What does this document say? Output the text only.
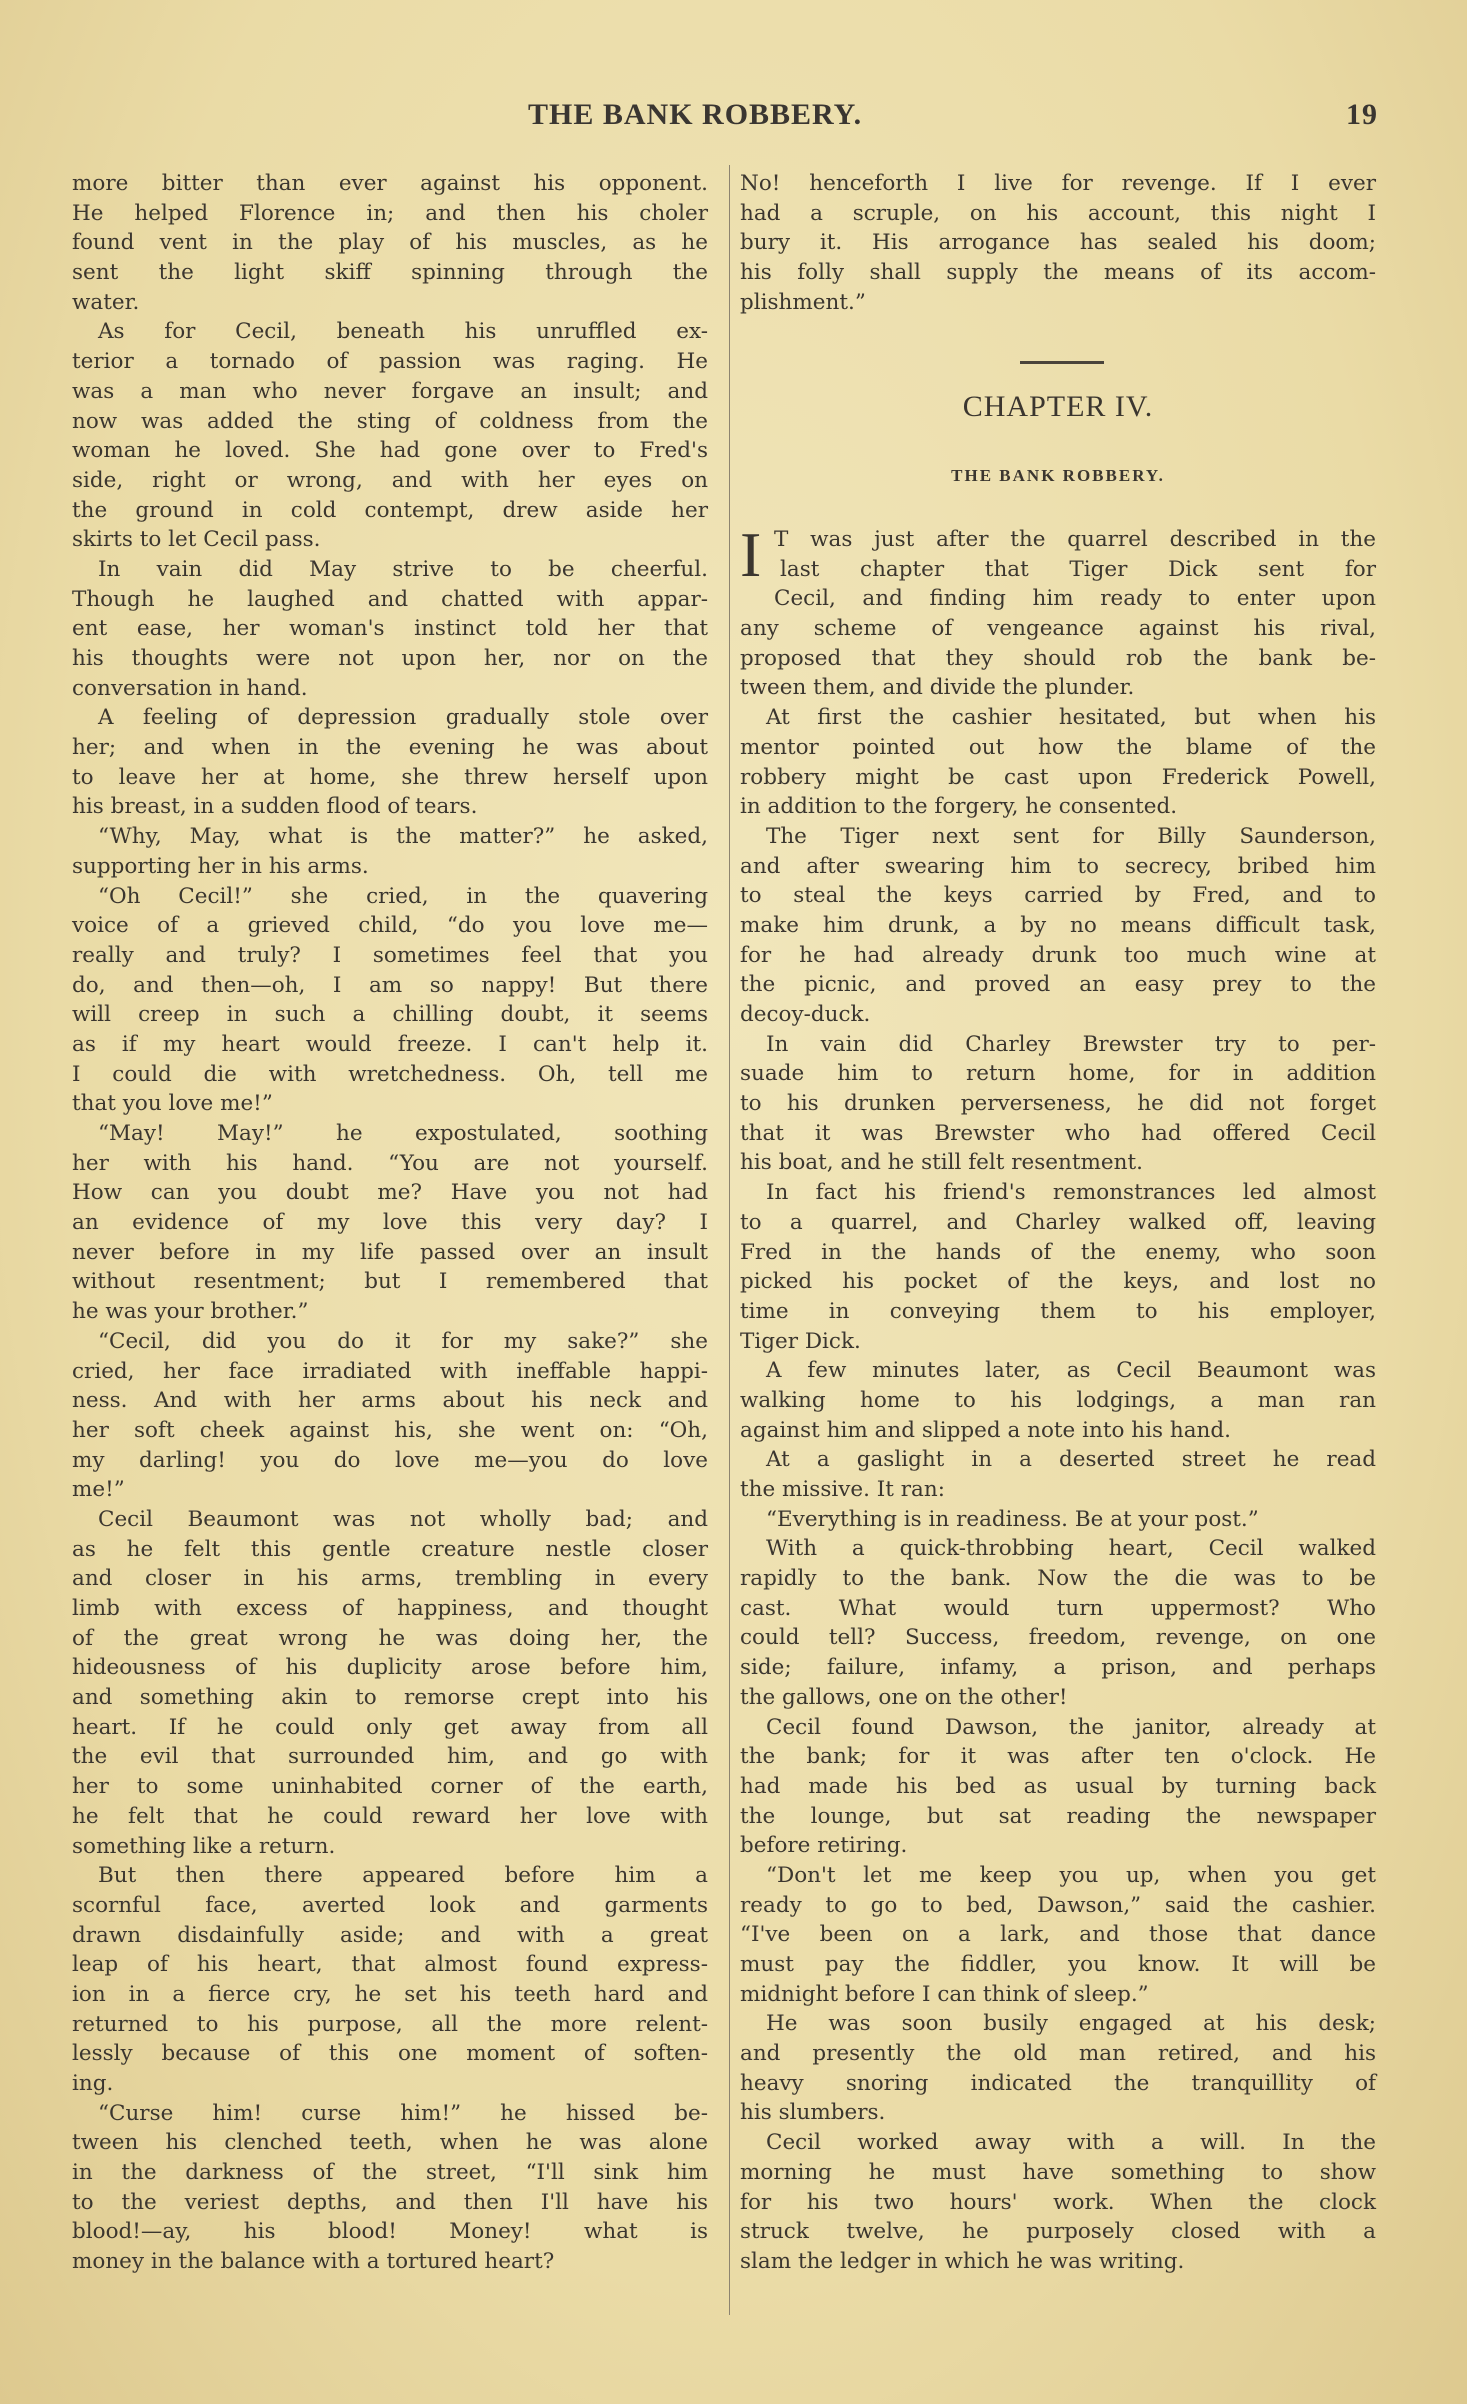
THE BANK ROBBERY.	19
more bitter than ever against his opponent.
He helped Florence in; and then his choler
found vent in the play of his muscles, as he
sent the light skiff spinning through the
water.
As for Cecil, beneath his unruffled ex-
terior a tornado of passion was raging. He
was a man who never forgave an insult; and
now was added the sting of coldness from the
woman he loved. She had gone over to Fred's
side, right or wrong, and with her eyes on
the ground in cold contempt, drew aside her
skirts to let Cecil pass.
In vain did May strive to be cheerful.
Though he laughed and chatted with appar-
ent ease, her woman's instinct told her that
his thoughts were not upon her, nor on the
conversation in hand.
A feeling of depression gradually stole over
her; and when in the evening he was about
to leave her at home, she threw herself upon
his breast, in a sudden flood of tears.
“Why, May, what is the matter?” he asked,
supporting her in his arms.
“Oh Cecil!” she cried, in the quavering
voice of a grieved child, “do you love me—
really and truly? I sometimes feel that you
do, and then—oh, I am so nappy! But there
will creep in such a chilling doubt, it seems
as if my heart would freeze. I can't help it.
I could die with wretchedness. Oh, tell me
that you love me!”
“May! May!” he expostulated, soothing
her with his hand. “You are not yourself.
How can you doubt me? Have you not had
an evidence of my love this very day? I
never before in my life passed over an insult
without resentment; but I remembered that
he was your brother.”
“Cecil, did you do it for my sake?” she
cried, her face irradiated with ineffable happi-
ness. And with her arms about his neck and
her soft cheek against his, she went on: “Oh,
my darling! you do love me—you do love
me!”
Cecil Beaumont was not wholly bad; and
as he felt this gentle creature nestle closer
and closer in his arms, trembling in every
limb with excess of happiness, and thought
of the great wrong he was doing her, the
hideousness of his duplicity arose before him,
and something akin to remorse crept into his
heart. If he could only get away from all
the evil that surrounded him, and go with
her to some uninhabited corner of the earth,
he felt that he could reward her love with
something like a return.
But then there appeared before him a
scornful face, averted look and garments
drawn disdainfully aside; and with a great
leap of his heart, that almost found express-
ion in a fierce cry, he set his teeth hard and
returned to his purpose, all the more relent-
lessly because of this one moment of soften-
ing.
“Curse him! curse him!” he hissed be-
tween his clenched teeth, when he was alone
in the darkness of the street, “I'll sink him
to the veriest depths, and then I'll have his
blood!—ay, his blood! Money! what is
money in the balance with a tortured heart?
No! henceforth I live for revenge. If I ever
had a scruple, on his account, this night I
bury it. His arrogance has sealed his doom;
his folly shall supply the means of its accom-
plishment.”
CHAPTER IV.
THE BANK ROBBERY.
I T was just after the quarrel described in the
last chapter that Tiger Dick sent for
Cecil, and finding him ready to enter upon
any scheme of vengeance against his rival,
proposed that they should rob the bank be-
tween them, and divide the plunder.
At first the cashier hesitated, but when his
mentor pointed out how the blame of the
robbery might be cast upon Frederick Powell,
in addition to the forgery, he consented.
The Tiger next sent for Billy Saunderson,
and after swearing him to secrecy, bribed him
to steal the keys carried by Fred, and to
make him drunk, a by no means difficult task,
for he had already drunk too much wine at
the picnic, and proved an easy prey to the
decoy-duck.
In vain did Charley Brewster try to per-
suade him to return home, for in addition
to his drunken perverseness, he did not forget
that it was Brewster who had offered Cecil
his boat, and he still felt resentment.
In fact his friend's remonstrances led almost
to a quarrel, and Charley walked off, leaving
Fred in the hands of the enemy, who soon
picked his pocket of the keys, and lost no
time in conveying them to his employer,
Tiger Dick.
A few minutes later, as Cecil Beaumont was
walking home to his lodgings, a man ran
against him and slipped a note into his hand.
At a gaslight in a deserted street he read
the missive. It ran:
“Everything is in readiness. Be at your post.”
With a quick-throbbing heart, Cecil walked
rapidly to the bank. Now the die was to be
cast. What would turn uppermost? Who
could tell? Success, freedom, revenge, on one
side; failure, infamy, a prison, and perhaps
the gallows, one on the other!
Cecil found Dawson, the janitor, already at
the bank; for it was after ten o'clock. He
had made his bed as usual by turning back
the lounge, but sat reading the newspaper
before retiring.
“Don't let me keep you up, when you get
ready to go to bed, Dawson,” said the cashier.
“I've been on a lark, and those that dance
must pay the fiddler, you know. It will be
midnight before I can think of sleep.”
He was soon busily engaged at his desk;
and presently the old man retired, and his
heavy snoring indicated the tranquillity of
his slumbers.
Cecil worked away with a will. In the
morning he must have something to show
for his two hours' work. When the clock
struck twelve, he purposely closed with a
slam the ledger in which he was writing.
